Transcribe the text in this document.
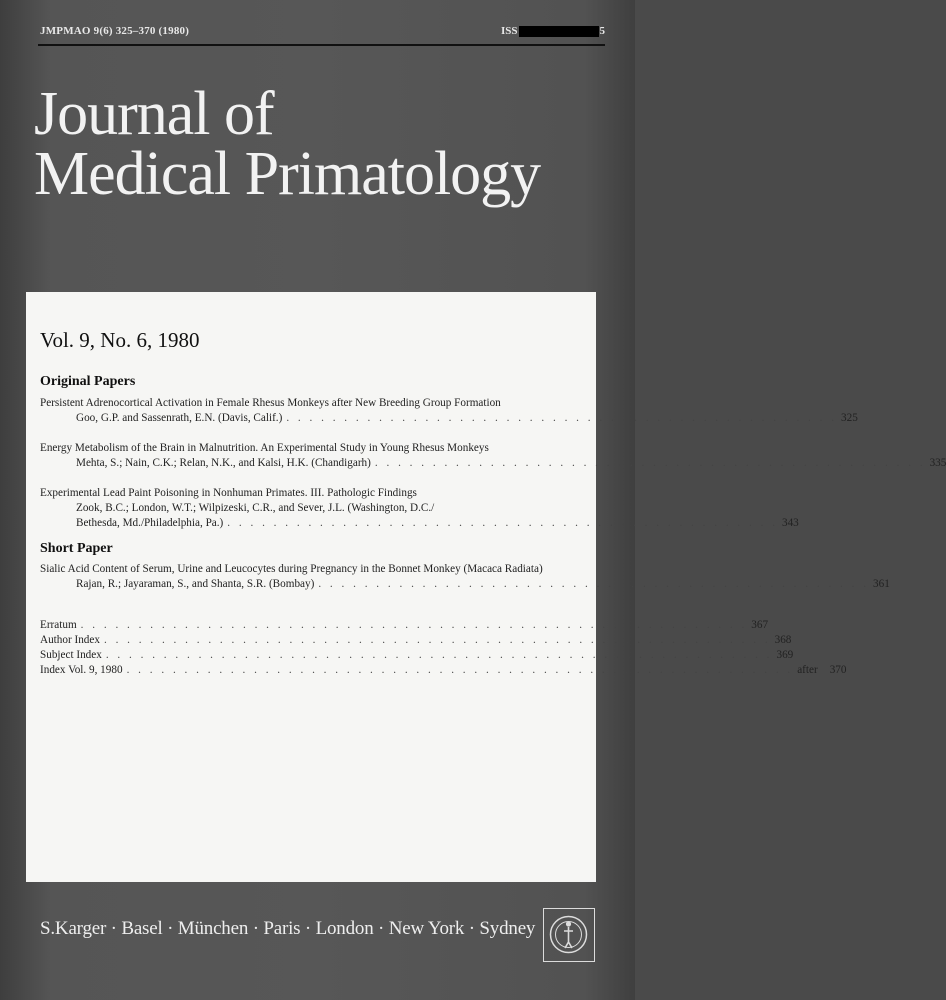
JMPMAO 9(6) 325–370 (1980)	ISS	5
Journal of
Medical Primatology
Vol. 9, No. 6, 1980
Original Papers
Persistent Adrenocortical Activation in Female Rhesus Monkeys after New Breeding Group Formation
Goo, G.P. and Sassenrath, E.N. (Davis, Calif.) . . . . . . . . . . . . . . . . . . . . . . . . . . . . . . . . . . . . . . . . . . . . . . . . 325
Energy Metabolism of the Brain in Malnutrition. An Experimental Study in Young Rhesus Monkeys
Mehta, S.; Nain, C.K.; Relan, N.K., and Kalsi, H.K. (Chandigarh) . . . . . . . . . . . . . . . . . . . . . . . . . . . . . . . . . . . . . . . . . . . . . . . . 335
Experimental Lead Paint Poisoning in Nonhuman Primates. III. Pathologic Findings
Zook, B.C.; London, W.T.; Wilpizeski, C.R., and Sever, J.L. (Washington, D.C./
Bethesda, Md./Philadelphia, Pa.) . . . . . . . . . . . . . . . . . . . . . . . . . . . . . . . . . . . . . . . . . . . . . . . . 343
Short Paper
Sialic Acid Content of Serum, Urine and Leucocytes during Pregnancy in the Bonnet Monkey (Macaca Radiata)
Rajan, R.; Jayaraman, S., and Shanta, S.R. (Bombay) . . . . . . . . . . . . . . . . . . . . . . . . . . . . . . . . . . . . . . . . . . . . . . . . 361
Erratum . . . . . . . . . . . . . . . . . . . . . . . . . . . . . . . . . . . . . . . . . . . . . . . . . . . . . . . . . . 367
Author Index . . . . . . . . . . . . . . . . . . . . . . . . . . . . . . . . . . . . . . . . . . . . . . . . . . . . . . . . . . 368
Subject Index . . . . . . . . . . . . . . . . . . . . . . . . . . . . . . . . . . . . . . . . . . . . . . . . . . . . . . . . . . 369
Index Vol. 9, 1980 . . . . . . . . . . . . . . . . . . . . . . . . . . . . . . . . . . . . . . . . . . . . . . . . . . . . . . . . . . after 370
S.Karger · Basel · München · Paris · London · New York · Sydney
